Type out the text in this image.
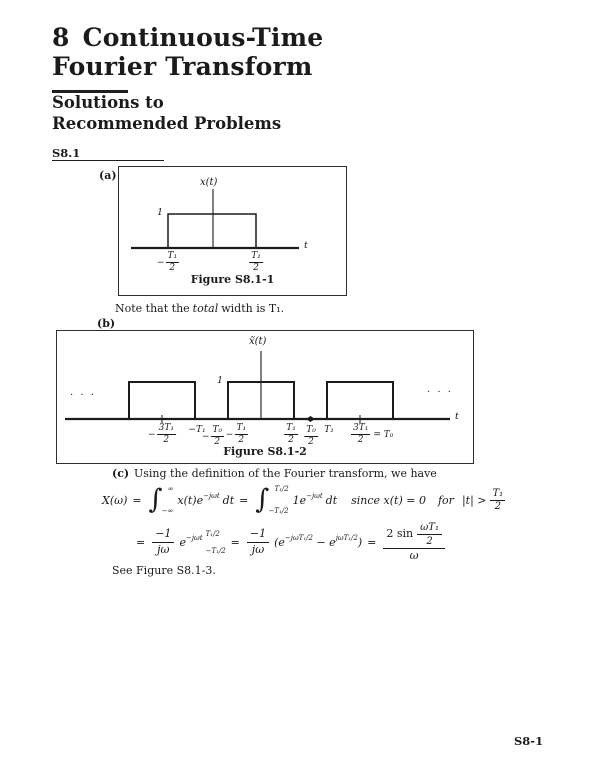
8 Continuous-Time
Fourier Transform
Solutions to
Recommended Problems
S8.1
(a)
x(t)
1
t
− $\frac{\text{T₁}}{2}$	T₁
2
Figure S8.1-1
Note that the total width is T₁.
(b)
x̃(t)
1
t
. . .	. . .
− $\frac{\text{3T₁}}{2} -T_1$
− $\frac{\text{T₀}}{2} - \frac{\text{T₁}}{2}$	T₁
2
T₀
2
$T_1 \frac{\text{3T₁}}{2} = T_0$
Figure S8.1-2
(c) Using the definition of the Fourier transform, we have
X(ω) = ∫ ∞
−∞
x(t)e −jωt dt = ∫ T₁/2
−T₁/2
1e −jωt dt since x(t) = 0 for |t| > T₁
2
= $\frac{-1}{j\omega}$ e −jωt T₁/2
−T₁/2
= $\frac{-1}{j\omega} (e -j\omega T_1/2 - e$ jωT₁/2 ) = 2 sin ωT₁
2
ω
See Figure S8.1-3.
S8-1
